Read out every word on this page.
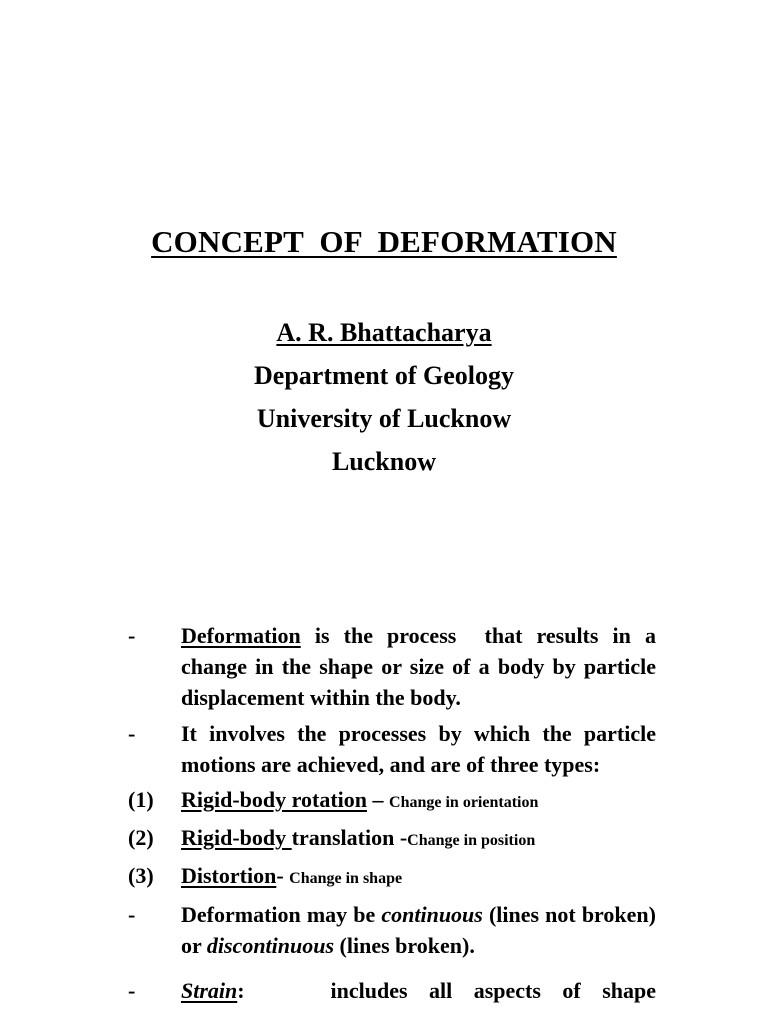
CONCEPT  OF  DEFORMATION
A. R. Bhattacharya
Department of Geology
University of Lucknow
Lucknow
- Deformation is the process  that results in a change in the shape or size of a body by particle displacement within the body.
- It involves the processes by which the particle motions are achieved, and are of three types:
(1) Rigid-body rotation – Change in orientation
(2) Rigid-body translation -Change in position
(3) Distortion- Change in shape
- Deformation may be continuous (lines not broken) or discontinuous (lines broken).
- Strain:    includes all aspects of shape
